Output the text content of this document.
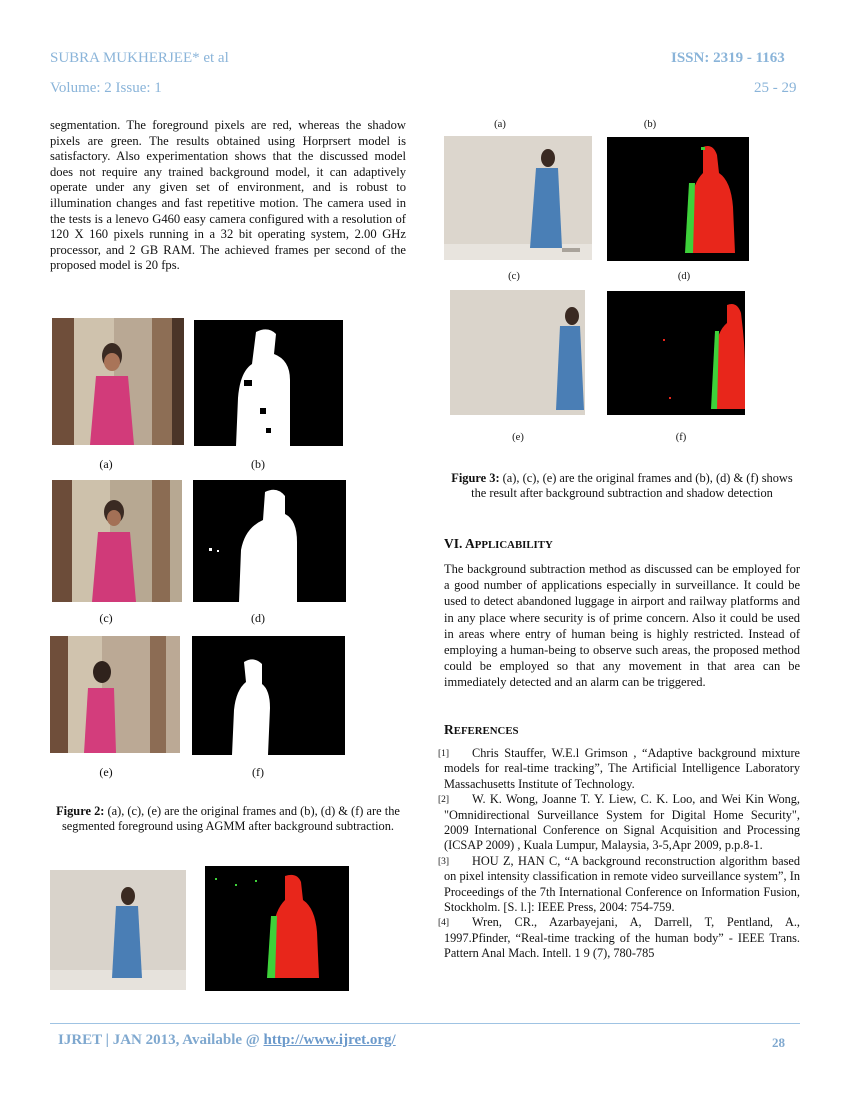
SUBRA MUKHERJEE* et al	ISSN: 2319 - 1163
Volume: 2 Issue: 1	25 - 29

segmentation. The foreground pixels are red, whereas the shadow pixels are green. The results obtained using Horprsert model is satisfactory. Also experimentation shows that the discussed model does not require any trained background model, it can adaptively operate under any given set of environment, and is robust to illumination changes and fast repetitive motion. The camera used in the tests is a lenevo G460 easy camera configured with a resolution of 120 X 160 pixels running in a 32 bit operating system, 2.00 GHz processor, and 2 GB RAM. The achieved frames per second of the proposed model is 20 fps.

(a)	(b)
(c)	(d)
(e)	(f)

Figure 2: (a), (c), (e) are the original frames and (b), (d) & (f) are the segmented foreground using AGMM after background subtraction.

(a)	(b)
(c)	(d)
(e)	(f)

Figure 3: (a), (c), (e) are the original frames and (b), (d) & (f) shows the result after background subtraction and shadow detection

VI. APPLICABILITY

The background subtraction method as discussed can be employed for a good number of applications especially in surveillance. It could be used to detect abandoned luggage in airport and railway platforms and in any place where security is of prime concern. Also it could be used in areas where entry of human being is highly restricted. Instead of employing a human-being to observe such areas, the proposed method could be employed so that any movement in that area can be immediately detected and an alarm can be triggered.

REFERENCES
[1] Chris Stauffer, W.E.l Grimson , “Adaptive background mixture models for real-time tracking”, The Artificial Intelligence Laboratory Massachusetts Institute of Technology.
[2] W. K. Wong, Joanne T. Y. Liew, C. K. Loo, and Wei Kin Wong, "Omnidirectional Surveillance System for Digital Home Security", 2009 International Conference on Signal Acquisition and Processing (ICSAP 2009) , Kuala Lumpur, Malaysia, 3-5,Apr 2009, p.p.8-1.
[3] HOU Z, HAN C, “A background reconstruction algorithm based on pixel intensity classification in remote video surveillance system”, In Proceedings of the 7th International Conference on Information Fusion, Stockholm. [S. l.]: IEEE Press, 2004: 754-759.
[4] Wren, CR., Azarbayejani, A, Darrell, T, Pentland, A., 1997.Pfinder, “Real-time tracking of the human body” - IEEE Trans. Pattern Anal Mach. Intell. 1 9 (7), 780-785
IJRET | JAN 2013, Available @ http://www.ijret.org/	28
